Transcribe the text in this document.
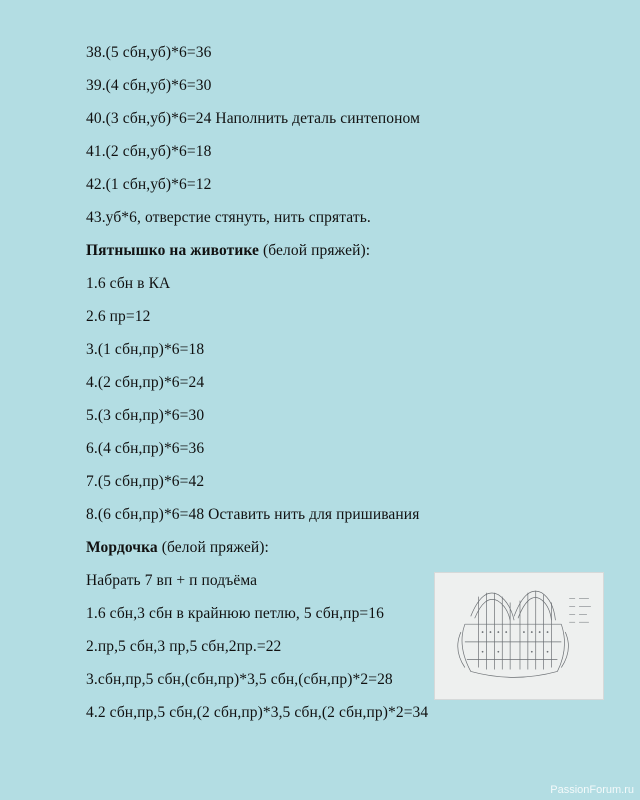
38.(5 сбн,уб)*6=36
39.(4 сбн,уб)*6=30
40.(3 сбн,уб)*6=24 Наполнить деталь синтепоном
41.(2 сбн,уб)*6=18
42.(1 сбн,уб)*6=12
43.уб*6, отверстие стянуть, нить спрятать.
Пятнышко на животике (белой пряжей):
1.6 сбн в КА
2.6 пр=12
3.(1 сбн,пр)*6=18
4.(2 сбн,пр)*6=24
5.(3 сбн,пр)*6=30
6.(4 сбн,пр)*6=36
7.(5 сбн,пр)*6=42
8.(6 сбн,пр)*6=48 Оставить нить для пришивания
Мордочка (белой пряжей):
Набрать 7 вп + п подъёма
1.6 сбн,3 сбн в крайнюю петлю, 5 сбн,пр=16
2.пр,5 сбн,3 пр,5 сбн,2пр.=22
3.сбн,пр,5 сбн,(сбн,пр)*3,5 сбн,(сбн,пр)*2=28
4.2 сбн,пр,5 сбн,(2 сбн,пр)*3,5 сбн,(2 сбн,пр)*2=34
PassionForum.ru
